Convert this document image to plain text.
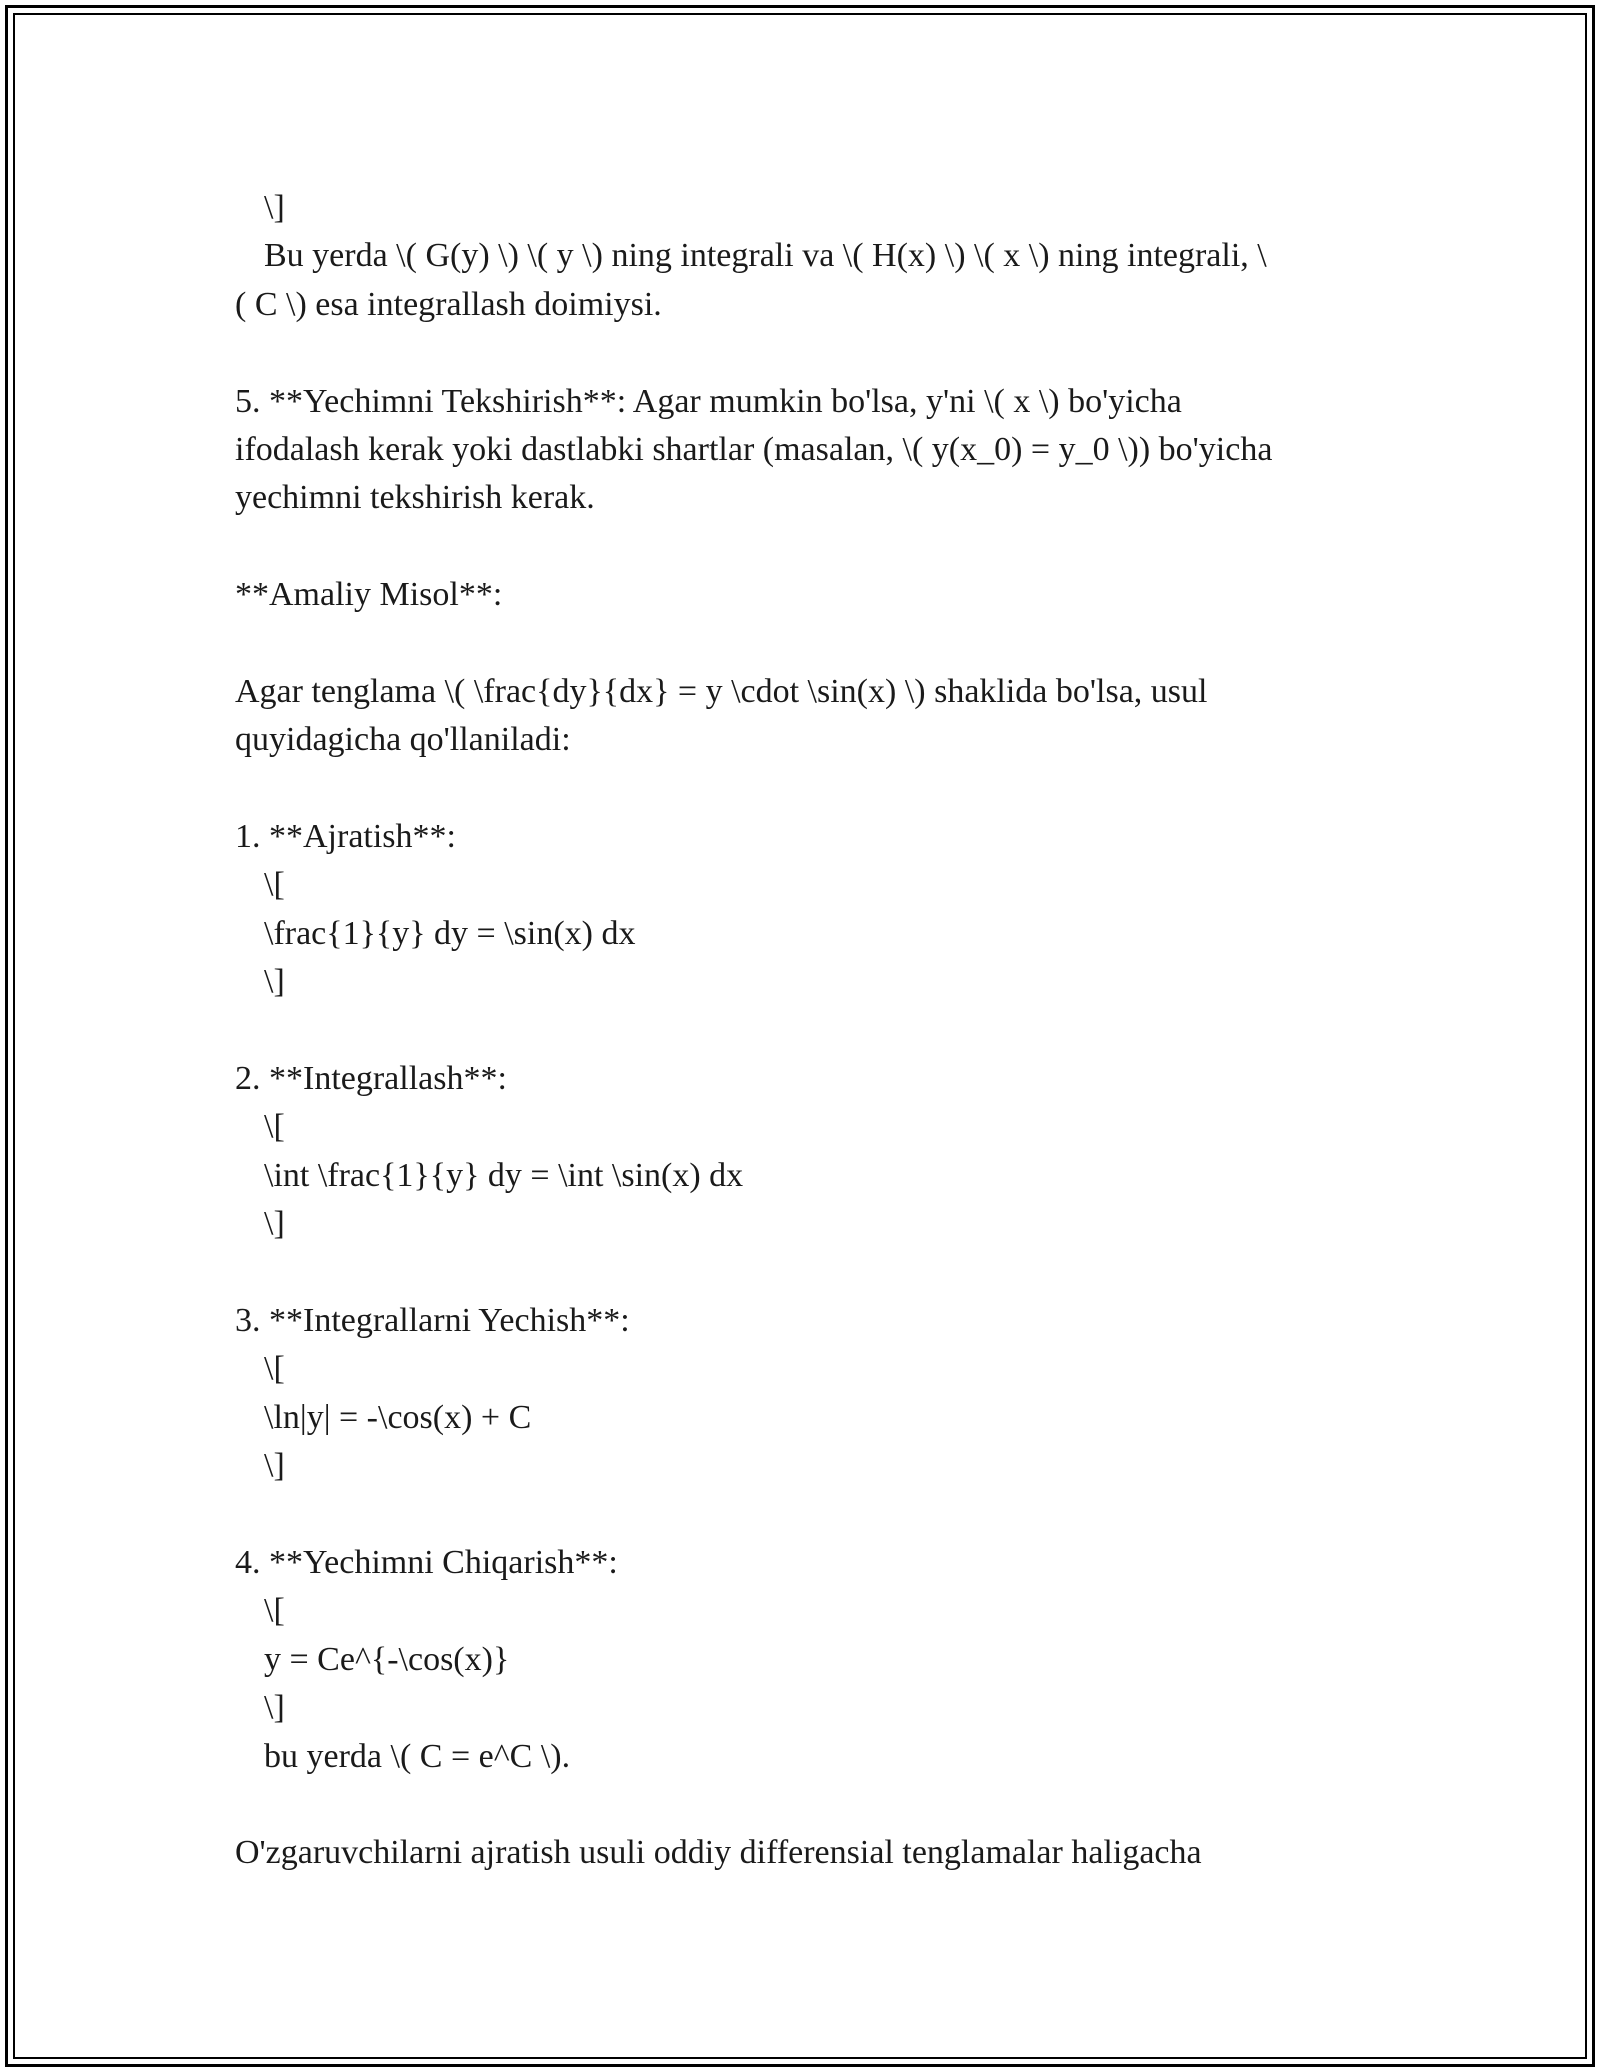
\]
Bu yerda \( G(y) \) \( y \) ning integrali va \( H(x) \) \( x \) ning integrali, \
( C \) esa integrallash doimiysi.
5. **Yechimni Tekshirish**: Agar mumkin bo'lsa, y'ni \( x \) bo'yicha
ifodalash kerak yoki dastlabki shartlar (masalan, \( y(x_0) = y_0 \)) bo'yicha
yechimni tekshirish kerak.
**Amaliy Misol**:
Agar tenglama \( \frac{dy}{dx} = y \cdot \sin(x) \) shaklida bo'lsa, usul
quyidagicha qo'llaniladi:
1. **Ajratish**:
\[
\frac{1}{y} dy = \sin(x) dx
\]
2. **Integrallash**:
\[
\int \frac{1}{y} dy = \int \sin(x) dx
\]
3. **Integrallarni Yechish**:
\[
\ln|y| = -\cos(x) + C
\]
4. **Yechimni Chiqarish**:
\[
y = Ce^{-\cos(x)}
\]
bu yerda \( C = e^C \).
O'zgaruvchilarni ajratish usuli oddiy differensial tenglamalar haligacha
